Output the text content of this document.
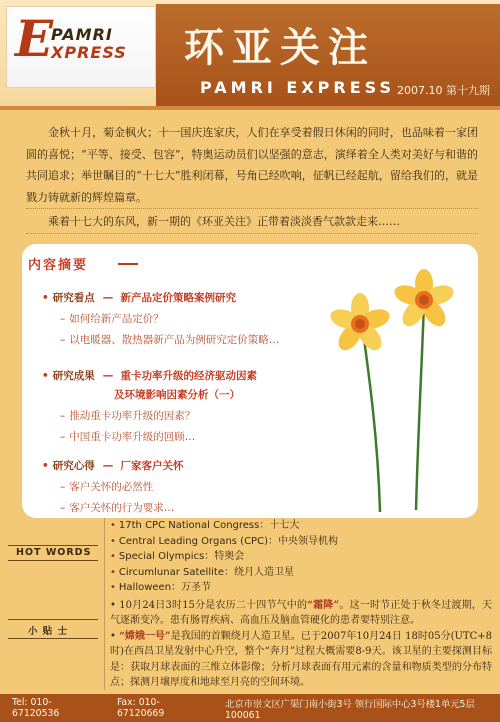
E
PAMRI
XPRESS 环亚关注
PAMRI EXPRESS 2007.10 第十九期

金秋十月，菊金枫火；十一国庆连家庆，人们在享受着假日休闲的同时，也品味着一家团圆的喜悦；“平等、接受、包容”，特奥运动员们以坚强的意志，演绎着全人类对美好与和谐的共同追求；举世瞩目的“十七大”胜利闭幕，号角已经吹响，征帆已经起航，留给我们的，就是戮力铸就新的辉煌篇章。

乘着十七大的东风，新一期的《环亚关注》正带着淡淡香气款款走来……

内容摘要
• 研究看点 —  新产品定价策略案例研究
– 如何给新产品定价？
– 以电暖器、散热器新产品为例研究定价策略…
• 研究成果 —  重卡功率升级的经济驱动因素
及环境影响因素分析（一）
– 推动重卡功率升级的因素？
– 中国重卡功率升级的回顾…
• 研究心得 —  厂家客户关怀
– 客户关怀的必然性
– 客户关怀的行为要求…
HOT WORDS
小 贴 士
• 17th CPC National Congress：十七大
• Central Leading Organs (CPC)：中央领导机构
• Special Olympics：特奥会
• Circumlunar Satellite：绕月人造卫星
• Halloween：万圣节
• 10月24日3时15分是农历二十四节气中的“霜降”。这一时节正处于秋冬过渡期，天气逐渐变冷。患有肠胃疾病、高血压及脑血管硬化的患者要特别注意。
• “嫦娥一号”是我国的首颗绕月人造卫星。已于2007年10月24日 18时05分(UTC+8时)在西昌卫星发射中心升空，整个“奔月”过程大概需要8-9天。该卫星的主要探测目标是：获取月球表面的三维立体影像；分析月球表面有用元素的含量和物质类型的分布特点；探测月壤厚度和地球至月亮的空间环境。
Tel: 010-67120536
Fax: 010-67120669
北京市崇文区广渠门南小街3号 领行国际中心3号楼1单元5层 100061
